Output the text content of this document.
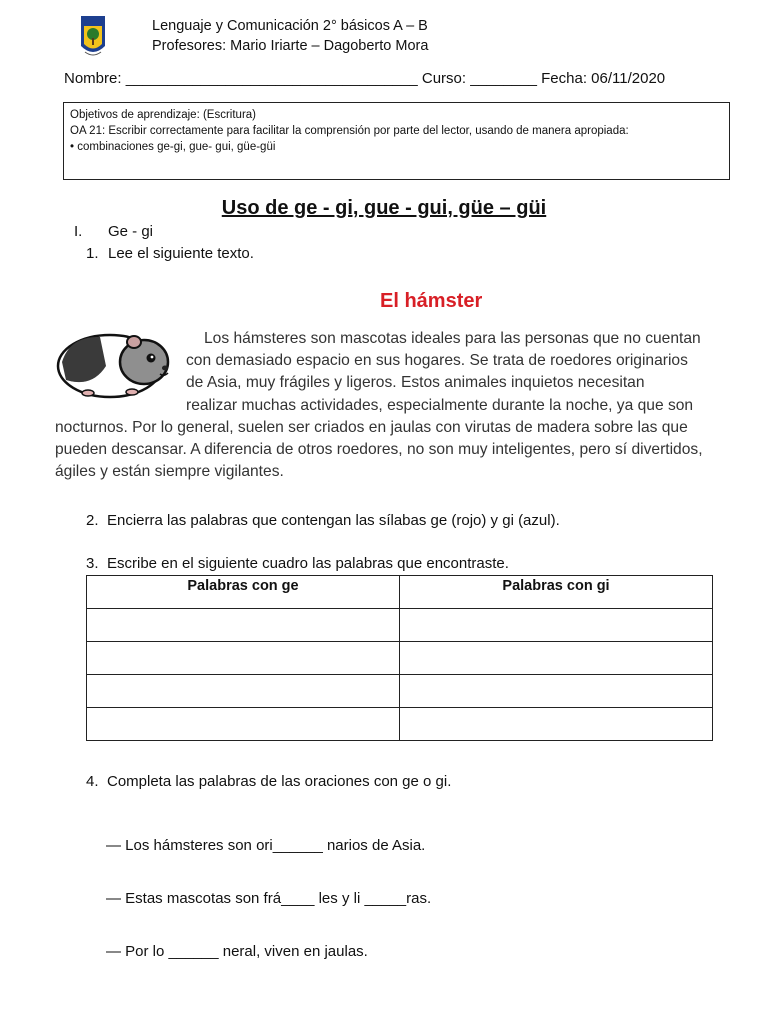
Lenguaje y Comunicación 2° básicos A – B
Profesores: Mario Iriarte – Dagoberto Mora
Nombre: ___________________________________ Curso: ________ Fecha: 06/11/2020
Objetivos de aprendizaje: (Escritura)
OA 21: Escribir correctamente para facilitar la comprensión por parte del lector, usando de manera apropiada:
• combinaciones ge-gi, gue- gui, güe-güi
Uso de ge - gi, gue - gui, güe – güi
I. Ge - gi
1. Lee el siguiente texto.
El hámster
Los hámsteres son mascotas ideales para las personas que no cuentan
con demasiado espacio en sus hogares. Se trata de roedores originarios
de Asia, muy frágiles y ligeros. Estos animales inquietos necesitan
realizar muchas actividades, especialmente durante la noche, ya que son
nocturnos. Por lo general, suelen ser criados en jaulas con virutas de madera sobre las que
pueden descansar. A diferencia de otros roedores, no son muy inteligentes, pero sí divertidos,
ágiles y están siempre vigilantes.
2. Encierra las palabras que contengan las sílabas ge (rojo) y gi (azul).
3. Escribe en el siguiente cuadro las palabras que encontraste.
Palabras con ge	Palabras con gi

4. Completa las palabras de las oraciones con ge o gi.
— Los hámsteres son ori______ narios de Asia.
— Estas mascotas son frá____ les y li _____ras.
— Por lo ______ neral, viven en jaulas.
